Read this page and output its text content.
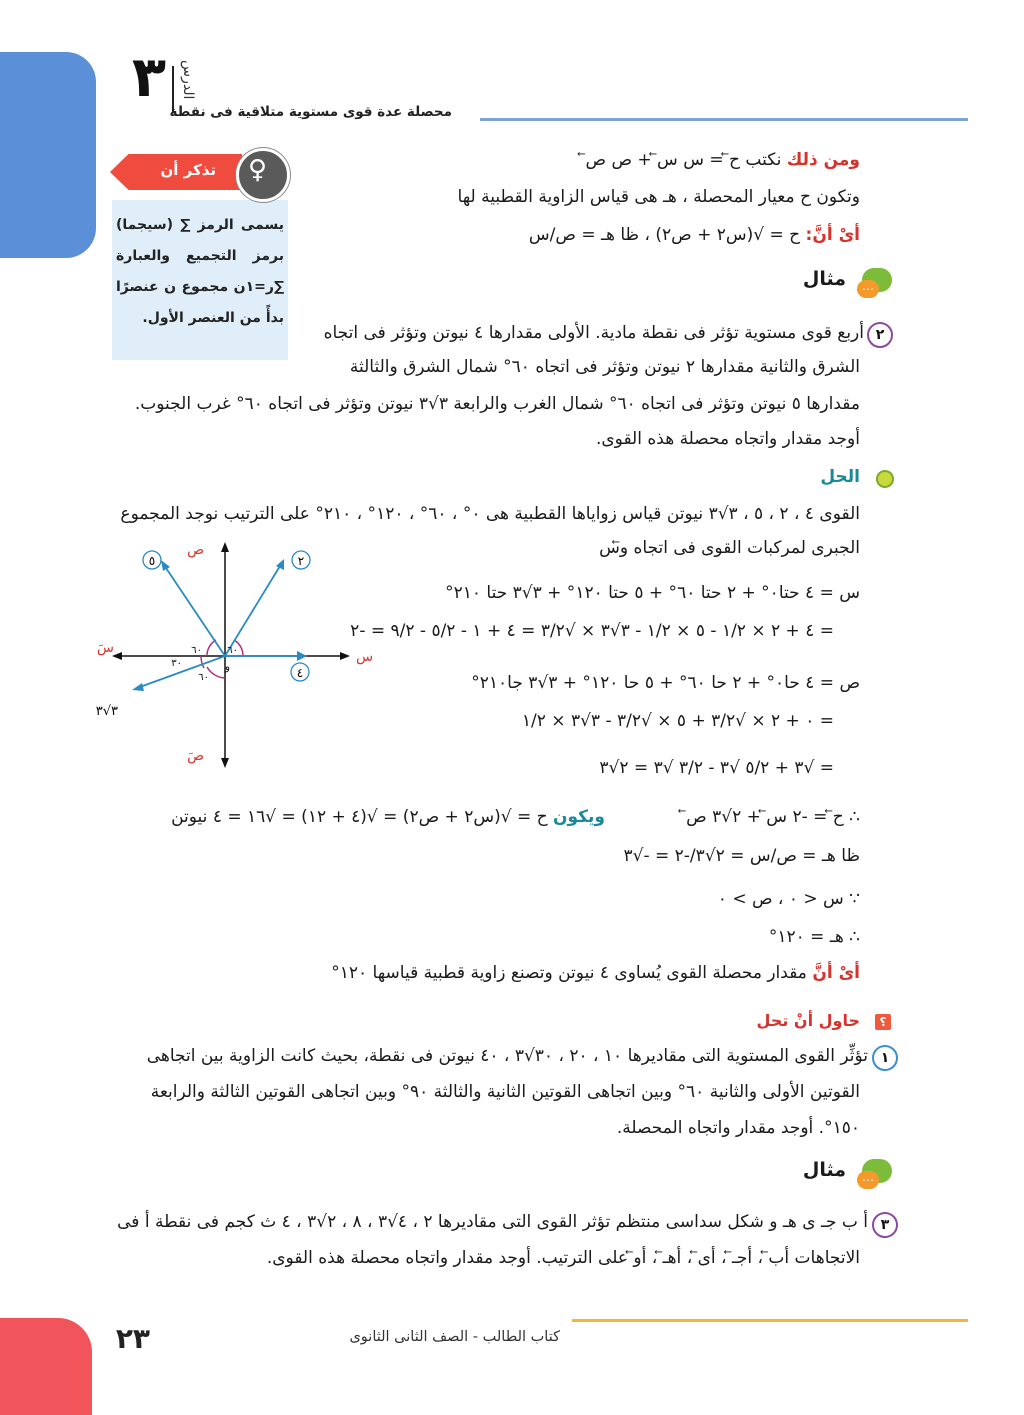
٣ الدرس
محصلة عدة قوى مستوية متلاقية فى نقطة
تذكر أن ♀
يسمى الرمز ∑ (سيجما) برمز التجميع والعبارة ∑ر=١ن مجموع ن عنصرًا بدأً من العنصر الأول.
ومن ذلك نكتب ح⃖ = س س⃖ + ص ص⃖
وتكون ح معيار المحصلة ، هـ هى قياس الزاوية القطبية لها
أىْ أنَّ: ح = √(س٢ + ص٢) ، ظا هـ = ص/س
…
مثال
٢
أربع قوى مستوية تؤثر فى نقطة مادية. الأولى مقدارها ٤ نيوتن وتؤثر فى اتجاه
الشرق والثانية مقدارها ٢ نيوتن وتؤثر فى اتجاه ٦٠° شمال الشرق والثالثة
مقدارها ٥ نيوتن وتؤثر فى اتجاه ٦٠° شمال الغرب والرابعة ٣√٣ نيوتن وتؤثر فى اتجاه ٦٠° غرب الجنوب.
أوجد مقدار واتجاه محصلة هذه القوى.
الحل
القوى ٤ ، ٢ ، ٥ ، ٣√٣ نيوتن قياس زواياها القطبية هى ٠° ، ٦٠° ، ١٢٠° ، ٢١٠° على الترتيب نوجد المجموع
الجبرى لمركبات القوى فى اتجاه و⃖س
س = ٤ حتا٠° + ٢ حتا ٦٠° + ٥ حتا ١٢٠° + ٣√٣ حتا ٢١٠°
= ٤ + ٢ × ١/٢ - ٥ × ١/٢ - ٣√٣ × √٣/٢ = ٤ + ١ - ٥/٢ - ٩/٢ = -٢
ص = ٤ حا٠° + ٢ حا ٦٠° + ٥ حا ١٢٠° + ٣√٣ جا٢١٠°
= ٠ + ٢ × √٣/٢ + ٥ × √٣/٢ - ٣√٣ × ١/٢
= √٣ + ٥/٢ √٣ - ٣/٢ √٣ = ٢√٣
∴ ح⃖ = -٢ س⃖ + ٢√٣ ص⃖
ويكون ح = √(س٢ + ص٢) = √(٤ + ١٢) = √١٦ = ٤ نيوتن
ظا هـ = ص/س = ٢√٣/-٢ = -√٣
∵ س < ٠ ، ص > ٠
∴ هـ = ١٢٠°
أىْ أنَّ مقدار محصلة القوى يُساوى ٤ نيوتن وتصنع زاوية قطبية قياسها ١٢٠°
س
سَ
ص
صَ
و
٥	٢
٤
٣√٣
٦٠
٦٠
٣٠
٦٠
؟
حاول أنْ تحل
١
تؤثِّر القوى المستوية التى مقاديرها ١٠ ، ٢٠ ، ٣٠√٣ ، ٤٠ نيوتن فى نقطة، بحيث كانت الزاوية بين اتجاهى
القوتين الأولى والثانية ٦٠° وبين اتجاهى القوتين الثانية والثالثة ٩٠° وبين اتجاهى القوتين الثالثة والرابعة
١٥٠°. أوجد مقدار واتجاه المحصلة.
…
مثال
٣
أ ب جـ ى هـ و شكل سداسى منتظم تؤثر القوى التى مقاديرها ٢ ، ٤√٣ ، ٨ ، ٢√٣ ، ٤ ث كجم فى نقطة أ فى
الاتجاهات أب⃖ ، أجـ⃖ ، أى⃖ ، أهـ⃖ ، أو⃖ على الترتيب. أوجد مقدار واتجاه محصلة هذه القوى.
كتاب الطالب - الصف الثانى الثانوى
٢٣
